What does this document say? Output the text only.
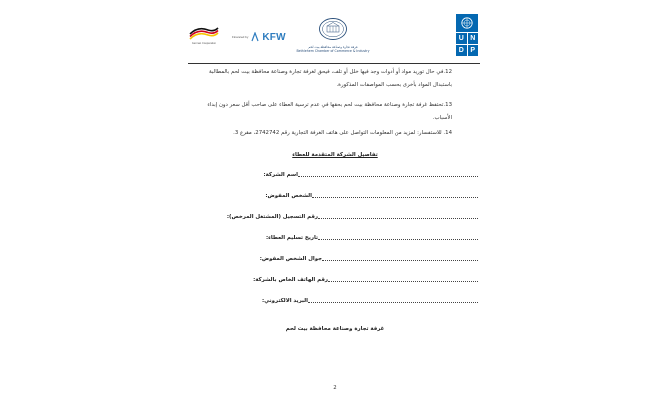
U N
D P
غرفة تجارة وصناعة محافظة بيت لحم
Bethlehem Chamber of Commerce & Industry
Financed by KFW
German Cooperation
12.في حال توريد مواد أو أدوات وجد فيها خلل أو تلف، فيحق لغرفة تجارة وصناعة محافظة بيت لحم بالمطالبة
باستبدال المواد بأخرى بحسب المواصفات المذكورة.
13.تحتفظ غرفة تجارة وصناعة محافظة بيت لحم بحقها في عدم ترسية العطاء على صاحب أقل سعر دون إبداء
الأسباب.
14. للاستفسار: لمزيد من المعلومات التواصل على هاتف الغرفة التجارية رقم 2742742، مقرع 3.
تفاصيل الشركة المتقدمة للعطاء
اسم الشركة:
الشخص المفوض:
رقم التسجيل (المشتغل المرخص):
تاريخ تسليم العطاء:
جوال الشخص المفوض:
رقم الهاتف الخاص بالشركة:
البريد الالكتروني:
غرفة تجارة وصناعة محافظة بيت لحم
2
